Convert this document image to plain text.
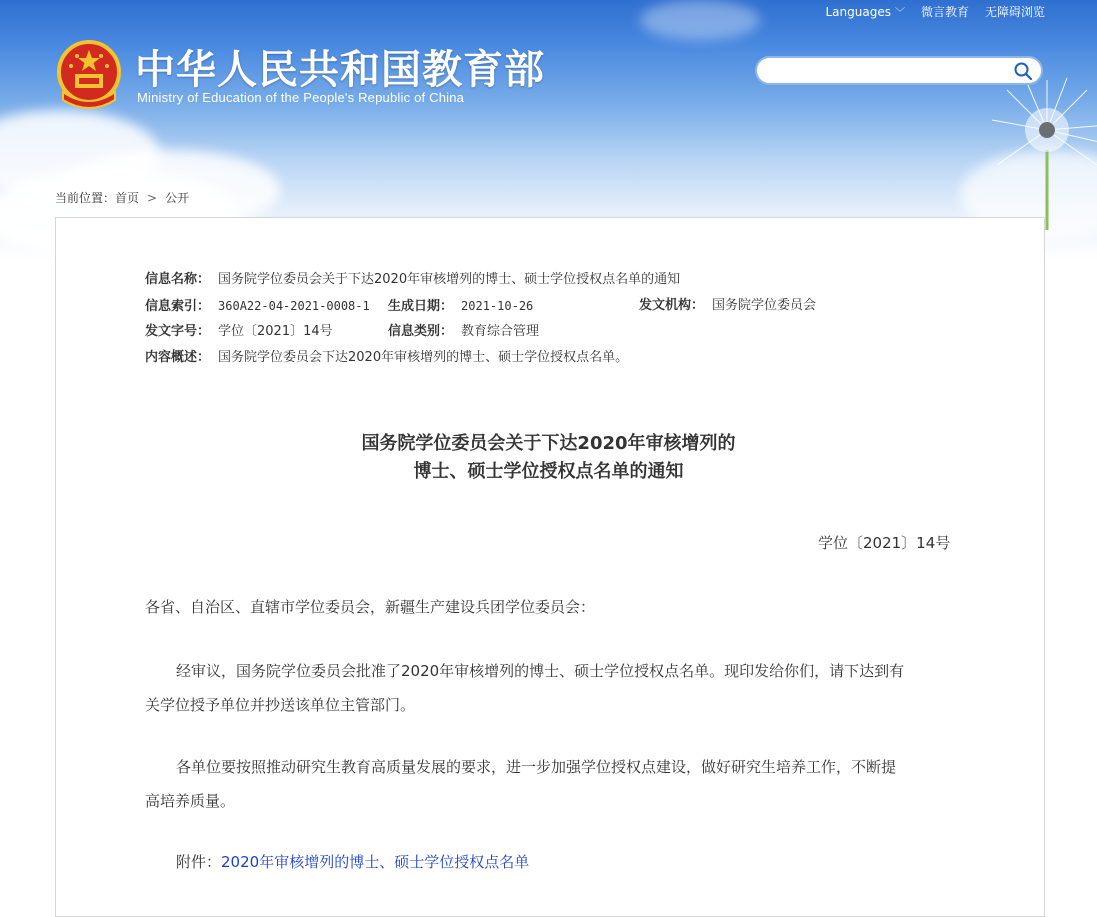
Languages ﹀ 微言教育 无障碍浏览
中华人民共和国教育部
Ministry of Education of the People's Republic of China
当前位置：首页 > 公开
信息名称： 国务院学位委员会关于下达2020年审核增列的博士、硕士学位授权点名单的通知
信息索引： 360A22-04-2021-0008-1 生成日期： 2021-10-26	发文机构： 国务院学位委员会
发文字号： 学位〔2021〕14号	信息类别： 教育综合管理
内容概述： 国务院学位委员会下达2020年审核增列的博士、硕士学位授权点名单。
国务院学位委员会关于下达2020年审核增列的
博士、硕士学位授权点名单的通知
学位〔2021〕14号
各省、自治区、直辖市学位委员会，新疆生产建设兵团学位委员会：
经审议，国务院学位委员会批准了2020年审核增列的博士、硕士学位授权点名单。现印发给你们，请下达到有
关学位授予单位并抄送该单位主管部门。
各单位要按照推动研究生教育高质量发展的要求，进一步加强学位授权点建设，做好研究生培养工作，不断提
高培养质量。
附件：2020年审核增列的博士、硕士学位授权点名单
